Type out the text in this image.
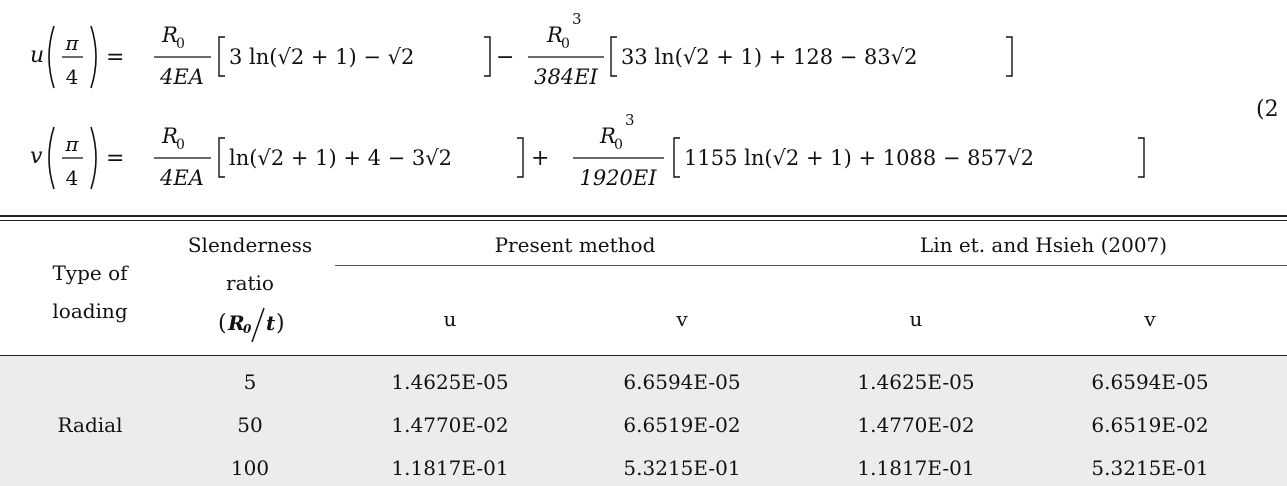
u π
4
=
R
0
4EA
3 ln(√2 + 1) − √2	−
R
0
3
384EI
33 ln(√2 + 1) + 128 − 83√2
v π
4
=
R
0
4EA
ln(√2 + 1) + 4 − 3√2	+
R
0
3
1920EI
1155 ln(√2 + 1) + 1088 − 857√2
(2
Type of
loading
Slenderness
ratio
( R
0 t )
Present method	Lin et. and Hsieh (2007)
u	v	u	v
Radial
5	1.4625E-05	6.6594E-05	1.4625E-05	6.6594E-05
50	1.4770E-02	6.6519E-02	1.4770E-02	6.6519E-02
100	1.1817E-01	5.3215E-01	1.1817E-01	5.3215E-01
